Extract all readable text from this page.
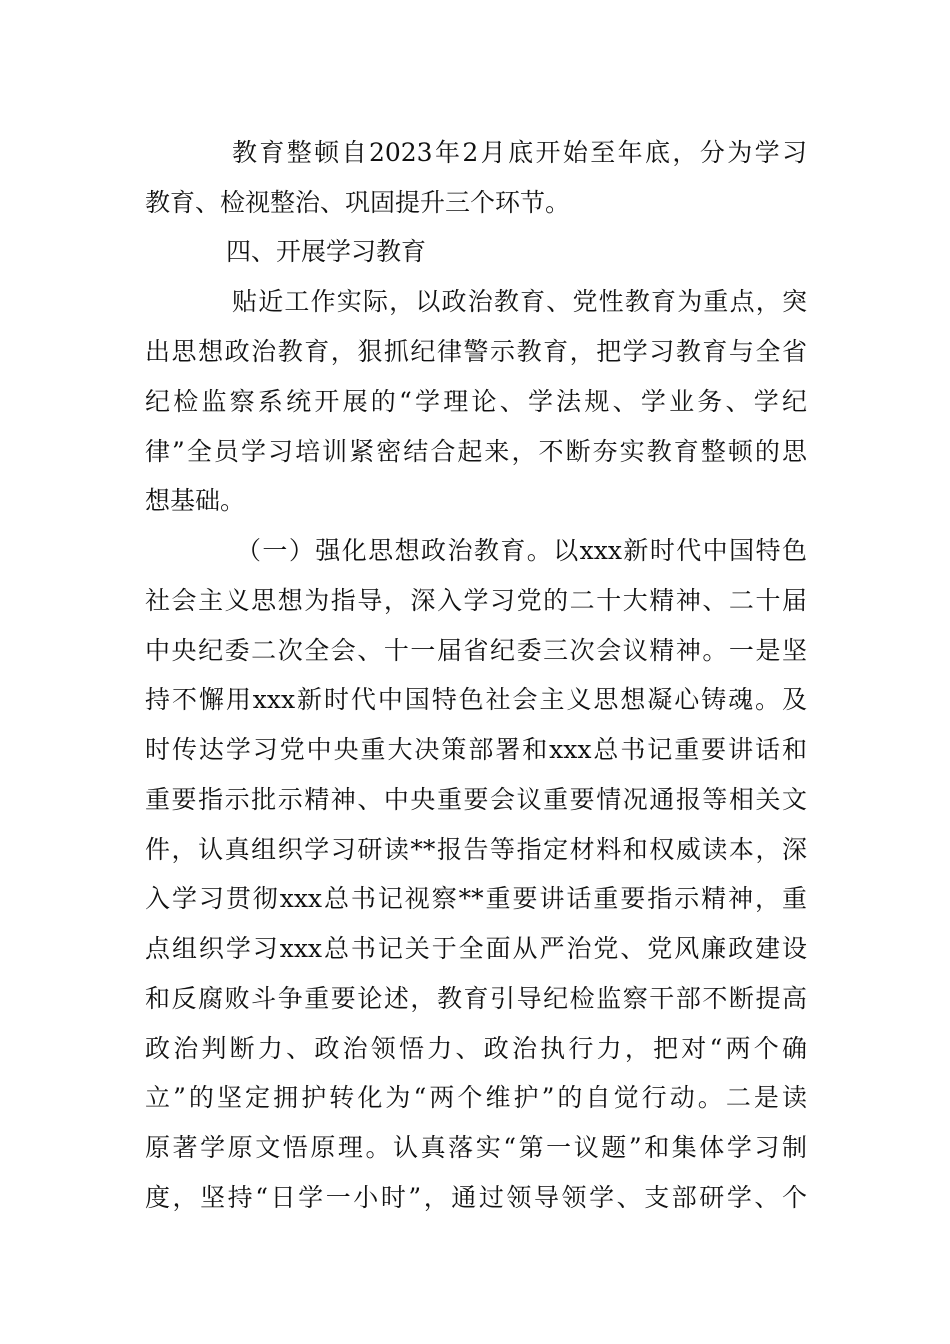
教育整顿自2023年2月底开始至年底，分为学习
教育、检视整治、巩固提升三个环节。
四、开展学习教育
贴近工作实际，以政治教育、党性教育为重点，突
出思想政治教育，狠抓纪律警示教育，把学习教育与全省
纪检监察系统开展的“学理论、学法规、学业务、学纪
律”全员学习培训紧密结合起来，不断夯实教育整顿的思
想基础。
（一）强化思想政治教育。以xxx新时代中国特色
社会主义思想为指导，深入学习党的二十大精神、二十届
中央纪委二次全会、十一届省纪委三次会议精神。一是坚
持不懈用xxx新时代中国特色社会主义思想凝心铸魂。及
时传达学习党中央重大决策部署和xxx总书记重要讲话和
重要指示批示精神、中央重要会议重要情况通报等相关文
件，认真组织学习研读**报告等指定材料和权威读本，深
入学习贯彻xxx总书记视察**重要讲话重要指示精神，重
点组织学习xxx总书记关于全面从严治党、党风廉政建设
和反腐败斗争重要论述，教育引导纪检监察干部不断提高
政治判断力、政治领悟力、政治执行力，把对“两个确
立”的坚定拥护转化为“两个维护”的自觉行动。二是读
原著学原文悟原理。认真落实“第一议题”和集体学习制
度，坚持“日学一小时”，通过领导领学、支部研学、个
